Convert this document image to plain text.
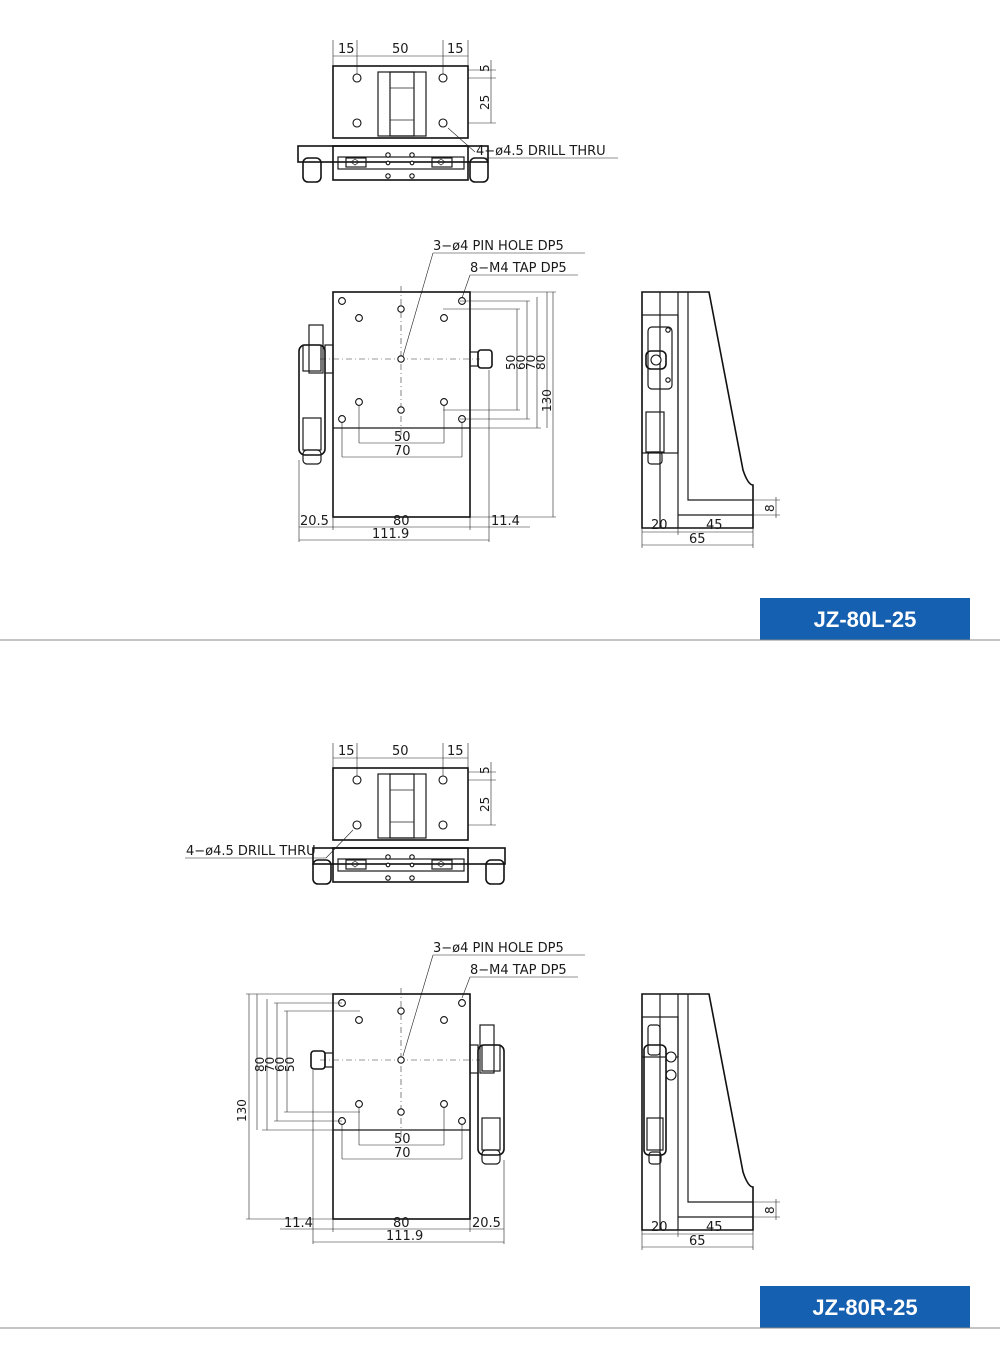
15	50	15
5
25
4−ø4.5 DRILL THRU
3−ø4 PIN HOLE DP5
8−M4 TAP DP5
50
60
70
80
130
50
70
20.5	80	11.4
111.9
20	45
65
8
JZ-80L-25
15	50	15
5
25
4−ø4.5 DRILL THRU
3−ø4 PIN HOLE DP5
8−M4 TAP DP5
80
70
60
50
130
50
70
11.4	80	20.5
111.9
20	45
65
8
JZ-80R-25
